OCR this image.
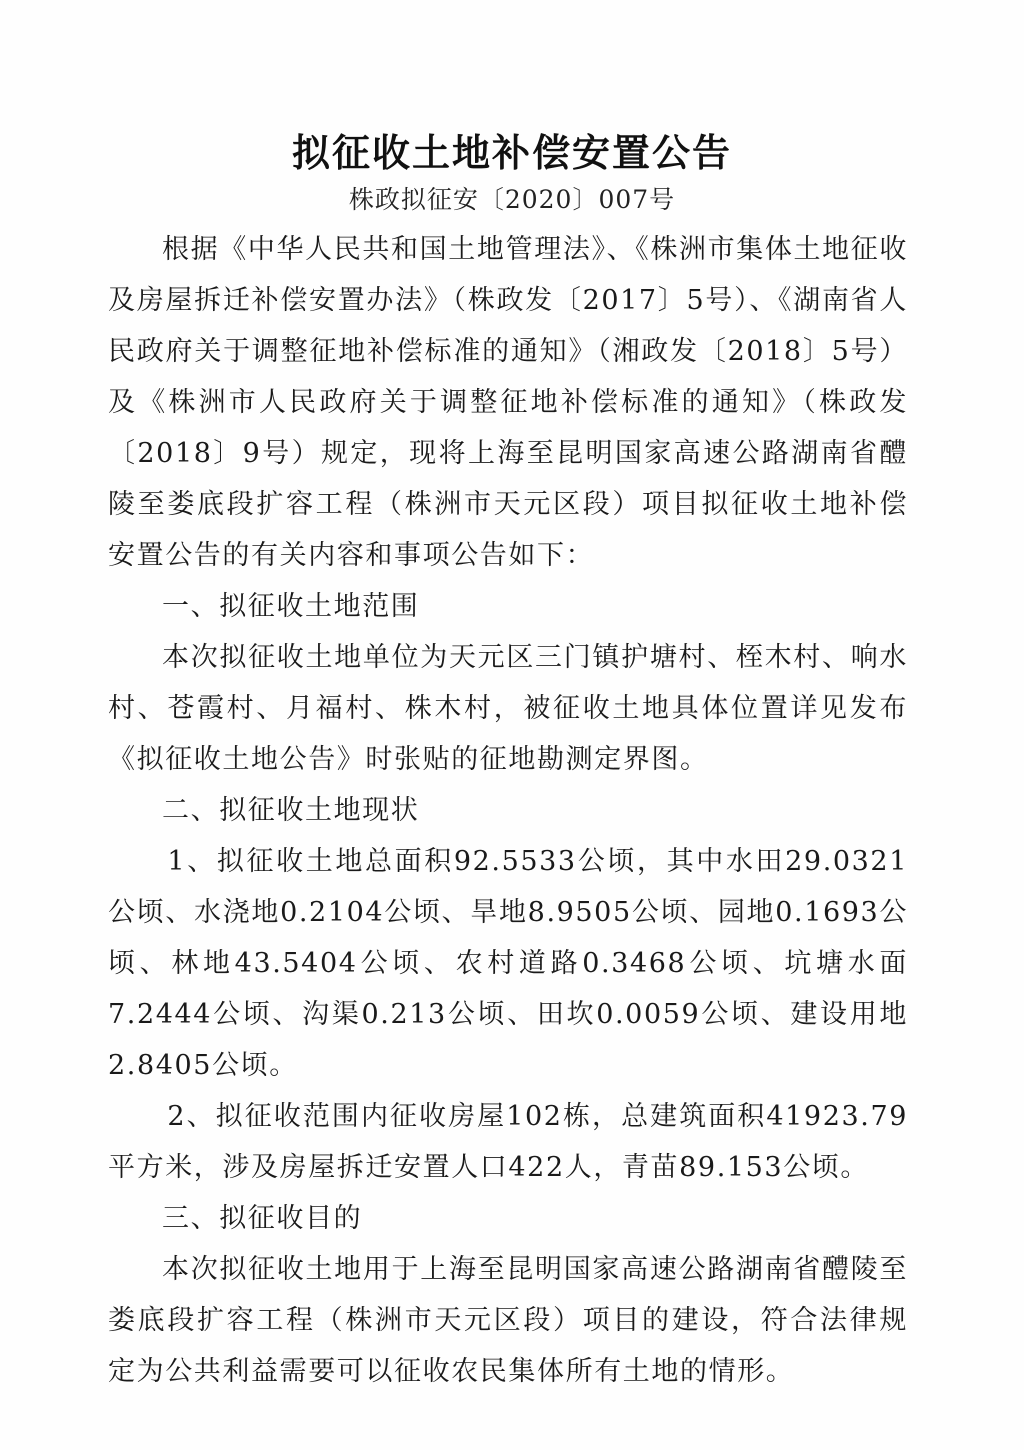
拟征收土地补偿安置公告
株政拟征安〔2020〕007号

根据《中华人民共和国土地管理法》、《株洲市集体土地征收及房屋拆迁补偿安置办法》（株政发〔2017〕5号）、《湖南省人民政府关于调整征地补偿标准的通知》（湘政发〔2018〕5号）及《株洲市人民政府关于调整征地补偿标准的通知》（株政发〔2018〕9号）规定，现将上海至昆明国家高速公路湖南省醴陵至娄底段扩容工程（株洲市天元区段）项目拟征收土地补偿安置公告的有关内容和事项公告如下：

一、拟征收土地范围

本次拟征收土地单位为天元区三门镇护塘村、桎木村、响水村、苍霞村、月福村、株木村，被征收土地具体位置详见发布《拟征收土地公告》时张贴的征地勘测定界图。

二、拟征收土地现状

1、拟征收土地总面积92.5533公顷，其中水田29.0321公顷、水浇地0.2104公顷、旱地8.9505公顷、园地0.1693公顷、林地43.5404公顷、农村道路0.3468公顷、坑塘水面7.2444公顷、沟渠0.213公顷、田坎0.0059公顷、建设用地2.8405公顷。

2、拟征收范围内征收房屋102栋，总建筑面积41923.79平方米，涉及房屋拆迁安置人口422人，青苗89.153公顷。

三、拟征收目的

本次拟征收土地用于上海至昆明国家高速公路湖南省醴陵至娄底段扩容工程（株洲市天元区段）项目的建设，符合法律规定为公共利益需要可以征收农民集体所有土地的情形。
